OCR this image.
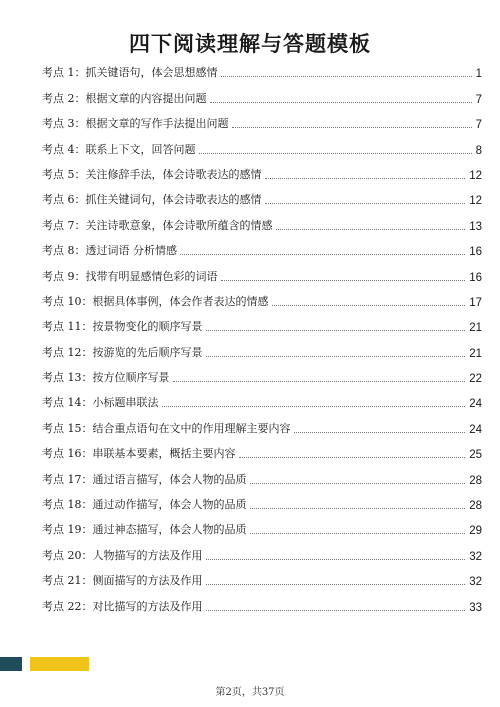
四下阅读理解与答题模板
考点 1：抓关键语句，体会思想感情	1
考点 2：根据文章的内容提出问题	7
考点 3：根据文章的写作手法提出问题	7
考点 4：联系上下文，回答问题	8
考点 5：关注修辞手法，体会诗歌表达的感情	12
考点 6：抓住关键词句，体会诗歌表达的感情	12
考点 7：关注诗歌意象，体会诗歌所蕴含的情感	13
考点 8：透过词语 分析情感	16
考点 9：找带有明显感情色彩的词语	16
考点 10：根据具体事例，体会作者表达的情感	17
考点 11：按景物变化的顺序写景	21
考点 12：按游览的先后顺序写景	21
考点 13：按方位顺序写景	22
考点 14：小标题串联法	24
考点 15：结合重点语句在文中的作用理解主要内容	24
考点 16：串联基本要素，概括主要内容	25
考点 17：通过语言描写，体会人物的品质	28
考点 18：通过动作描写，体会人物的品质	28
考点 19：通过神态描写，体会人物的品质	29
考点 20：人物描写的方法及作用	32
考点 21：侧面描写的方法及作用	32
考点 22：对比描写的方法及作用	33
第2页，共37页
